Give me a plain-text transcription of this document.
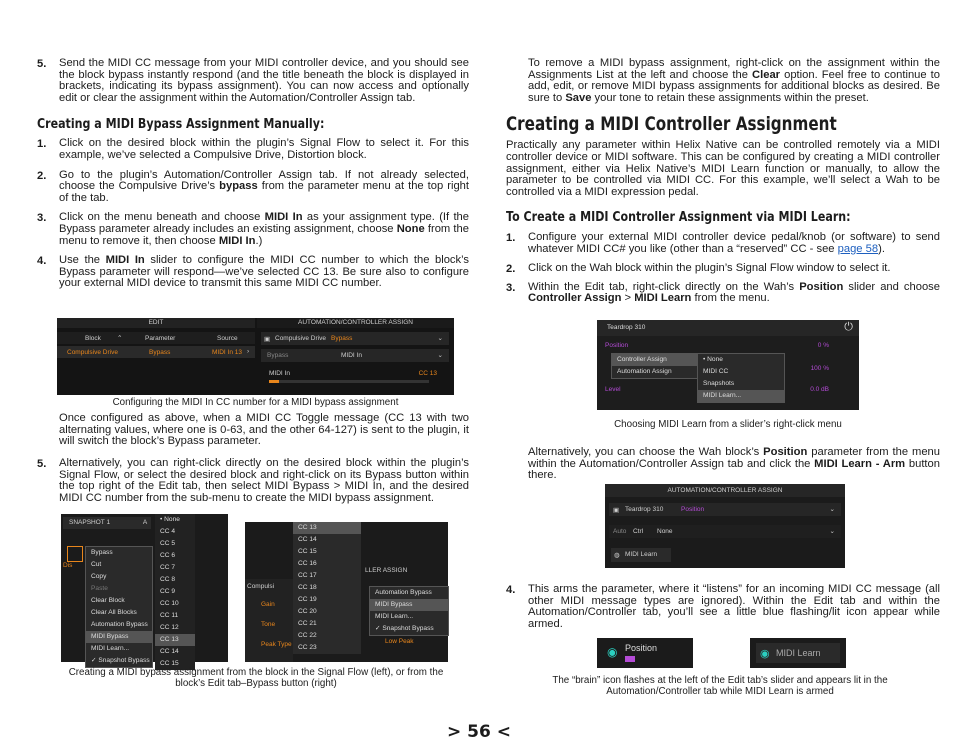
5.	Send the MIDI CC message from your MIDI controller device, and you should see the block bypass instantly respond (and the title beneath the block is displayed in brackets, indicating its bypass assignment). You can now access and optionally edit or clear the assignment within the Automation/Controller Assign tab.

Creating a MIDI Bypass Assignment Manually:
1.	Click on the desired block within the plugin’s Signal Flow to select it. For this example, we’ve selected a Compulsive Drive, Distortion block.

2.	Go to the plugin’s Automation/Controller Assign tab. If not already selected, choose the Compulsive Drive’s bypass from the parameter menu at the top right of the tab.

3.	Click on the menu beneath and choose MIDI In as your assignment type. (If the Bypass parameter already includes an existing assignment, choose None from the menu to remove it, then choose MIDI In.)

4.	Use the MIDI In slider to configure the MIDI CC number to which the block’s Bypass parameter will respond—we’ve selected CC 13. Be sure also to configure your external MIDI device to transmit this same MIDI CC number.

EDIT	AUTOMATION/CONTROLLER ASSIGN
Block ⌃	Parameter	Source
Compulsive Drive	Bypass	MIDI In 13 ›
▣ Compulsive Drive Bypass	⌄
Bypass	MIDI In	⌄
MIDI In	CC 13
Configuring the MIDI In CC number for a MIDI bypass assignment

Once configured as above, when a MIDI CC Toggle message (CC 13 with two alternating values, where one is 0-63, and the other 64-127) is sent to the plugin, it will switch the block’s Bypass parameter.

5.	Alternatively, you can right-click directly on the desired block within the plugin’s Signal Flow, or select the desired block and right-click on its Bypass button within the top right of the Edit tab, then select MIDI Bypass > MIDI In, and the desired MIDI CC number from the sub-menu to create the MIDI bypass assignment.

SNAPSHOT 1	A
Dis
Bypass
Cut
Copy
Paste
Clear Block
Clear All Blocks
Automation Bypass
MIDI Bypass
MIDI Learn...
✓ Snapshot Bypass
• None
CC 4
CC 5
CC 6
CC 7
CC 8
CC 9
CC 10
CC 11
CC 12
CC 13
CC 14
CC 15
Compulsi
Gain
Tone
Peak Type
CC 13
CC 14
CC 15
CC 16
CC 17
CC 18
CC 19
CC 20
CC 21
CC 22
CC 23
LLER ASSIGN
Automation Bypass
MIDI Bypass
MIDI Learn...
✓ Snapshot Bypass
Low Peak
Creating a MIDI bypass assignment from the block in the Signal Flow (left), or from the block’s Edit tab–Bypass button (right)

To remove a MIDI bypass assignment, right-click on the assignment within the Assignments List at the left and choose the Clear option. Feel free to continue to add, edit, or remove MIDI bypass assignments for additional blocks as desired. Be sure to Save your tone to retain these assignments within the preset.

Creating a MIDI Controller Assignment

Practically any parameter within Helix Native can be controlled remotely via a MIDI controller device or MIDI software. This can be configured by creating a MIDI controller assignment, either via Helix Native’s MIDI Learn function or manually, to allow the parameter to be controlled via MIDI CC. For this example, we’ll select a Wah to be controlled via a MIDI expression pedal.

To Create a MIDI Controller Assignment via MIDI Learn:
1.	Configure your external MIDI controller device pedal/knob (or software) to send whatever MIDI CC# you like (other than a “reserved” CC - see page 58).

2.	Click on the Wah block within the plugin’s Signal Flow window to select it.

3.	Within the Edit tab, right-click directly on the Wah’s Position slider and choose Controller Assign > MIDI Learn from the menu.

Teardrop 310	⏻
Position	0 %
Controller Assign
Automation Assign
• None
MIDI CC
Snapshots
MIDI Learn...
100 %
Level	0.0 dB
Choosing MIDI Learn from a slider’s right-click menu

Alternatively, you can choose the Wah block’s Position parameter from the menu within the Automation/Controller Assign tab and click the MIDI Learn - Arm button there.

AUTOMATION/CONTROLLER ASSIGN
▣ Teardrop 310	Position	⌄
Auto Ctrl None	⌄
◍ MIDI Learn
4.	This arms the parameter, where it “listens” for an incoming MIDI CC message (all other MIDI message types are ignored). Within the Edit tab and within the Automation/Controller tab, you’ll see a little blue flashing/lit icon appear while armed.

◉ Position	◉ MIDI Learn
The “brain” icon flashes at the left of the Edit tab’s slider and appears lit in the Automation/Controller tab while MIDI Learn is armed
> 56 <
